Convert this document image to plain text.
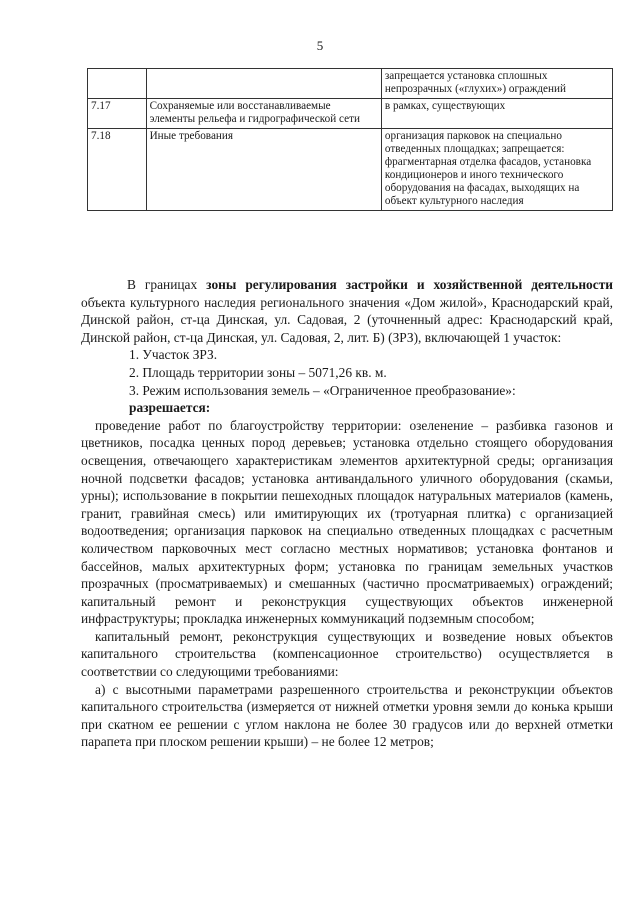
5
		запрещается установка сплошных непрозрачных («глухих») ограждений
7.17	Сохраняемые или восстанавливаемые элементы рельефа и гидрографической сети	в рамках, существующих
7.18	Иные требования	организация парковок на специально отведенных площадках; запрещается: фрагментарная отделка фасадов, установка кондиционеров и иного технического оборудования на фасадах, выходящих на объект культурного наследия

В границах зоны регулирования застройки и хозяйственной деятельности объекта культурного наследия регионального значения «Дом жилой», Краснодарский край, Динской район, ст-ца Динская, ул. Садовая, 2 (уточненный адрес: Краснодарский край, Динской район, ст-ца Динская, ул. Садовая, 2, лит. Б) (ЗРЗ), включающей 1 участок:

1. Участок ЗРЗ.

2. Площадь территории зоны – 5071,26 кв. м.

3. Режим использования земель – «Ограниченное преобразование»:

разрешается:

проведение работ по благоустройству территории: озеленение – разбивка газонов и цветников, посадка ценных пород деревьев; установка отдельно стоящего оборудования освещения, отвечающего характеристикам элементов архитектурной среды; организация ночной подсветки фасадов; установка антивандального уличного оборудования (скамьи, урны); использование в покрытии пешеходных площадок натуральных материалов (камень, гранит, гравийная смесь) или имитирующих их (тротуарная плитка) с организацией водоотведения; организация парковок на специально отведенных площадках с расчетным количеством парковочных мест согласно местных нормативов; установка фонтанов и бассейнов, малых архитектурных форм; установка по границам земельных участков прозрачных (просматриваемых) и смешанных (частично просматриваемых) ограждений; капитальный ремонт и реконструкция существующих объектов инженерной инфраструктуры; прокладка инженерных коммуникаций подземным способом;

капитальный ремонт, реконструкция существующих и возведение новых объектов капитального строительства (компенсационное строительство) осуществляется в соответствии со следующими требованиями:

а) с высотными параметрами разрешенного строительства и реконструкции объектов капитального строительства (измеряется от нижней отметки уровня земли до конька крыши при скатном ее решении с углом наклона не более 30 градусов или до верхней отметки парапета при плоском решении крыши) – не более 12 метров;
